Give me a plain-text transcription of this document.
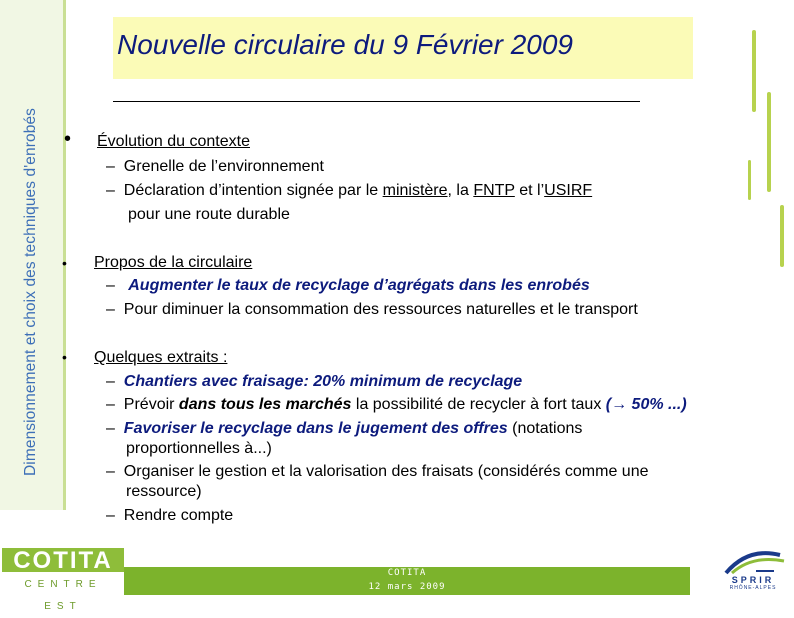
Dimensionnement et choix des techniques d'enrobés
Nouvelle circulaire du 9 Février 2009
• Évolution du contexte
–  Grenelle de l’environnement
–  Déclaration d’intention signée par le ministère, la FNTP et l’USIRF
pour une route durable
• Propos de la circulaire
–   Augmenter le taux de recyclage d’agrégats dans les enrobés
–  Pour diminuer la consommation des ressources naturelles et le transport
• Quelques extraits :
–  Chantiers avec fraisage: 20% minimum de recyclage
–  Prévoir dans tous les marchés la possibilité de recycler à fort taux (→ 50% ...)
–  Favoriser le recyclage dans le jugement des offres (notations
proportionnelles à...)
–  Organiser le gestion et la valorisation des fraisats (considérés comme une
ressource)
–  Rendre compte
COTITA
CENTRE EST
COTITA
12 mars 2009
SPRIR
RHÔNE-ALPES
